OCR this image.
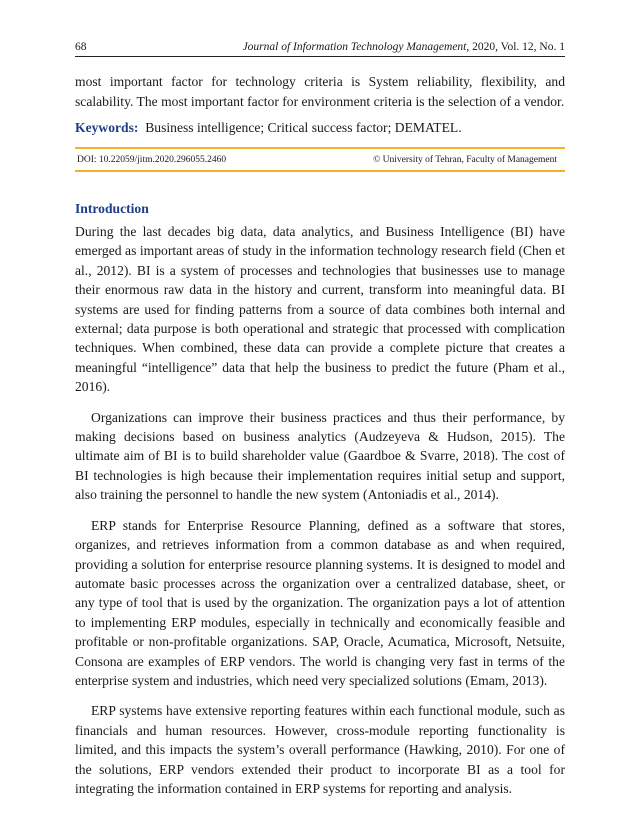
68	Journal of Information Technology Management, 2020, Vol. 12, No. 1

most important factor for technology criteria is System reliability, flexibility, and scalability. The most important factor for environment criteria is the selection of a vendor.

Keywords: Business intelligence; Critical success factor; DEMATEL.

DOI: 10.22059/jitm.2020.296055.2460	© University of Tehran, Faculty of Management
Introduction

During the last decades big data, data analytics, and Business Intelligence (BI) have emerged as important areas of study in the information technology research field (Chen et al., 2012). BI is a system of processes and technologies that businesses use to manage their enormous raw data in the history and current, transform into meaningful data. BI systems are used for finding patterns from a source of data combines both internal and external; data purpose is both operational and strategic that processed with complication techniques. When combined, these data can provide a complete picture that creates a meaningful “intelligence” data that help the business to predict the future (Pham et al., 2016).

Organizations can improve their business practices and thus their performance, by making decisions based on business analytics (Audzeyeva & Hudson, 2015). The ultimate aim of BI is to build shareholder value (Gaardboe & Svarre, 2018). The cost of BI technologies is high because their implementation requires initial setup and support, also training the personnel to handle the new system (Antoniadis et al., 2014).

ERP stands for Enterprise Resource Planning, defined as a software that stores, organizes, and retrieves information from a common database as and when required, providing a solution for enterprise resource planning systems. It is designed to model and automate basic processes across the organization over a centralized database, sheet, or any type of tool that is used by the organization. The organization pays a lot of attention to implementing ERP modules, especially in technically and economically feasible and profitable or non-profitable organizations. SAP, Oracle, Acumatica, Microsoft, Netsuite, Consona are examples of ERP vendors. The world is changing very fast in terms of the enterprise system and industries, which need very specialized solutions (Emam, 2013).

ERP systems have extensive reporting features within each functional module, such as financials and human resources. However, cross-module reporting functionality is limited, and this impacts the system’s overall performance (Hawking, 2010). For one of the solutions, ERP vendors extended their product to incorporate BI as a tool for integrating the information contained in ERP systems for reporting and analysis.
